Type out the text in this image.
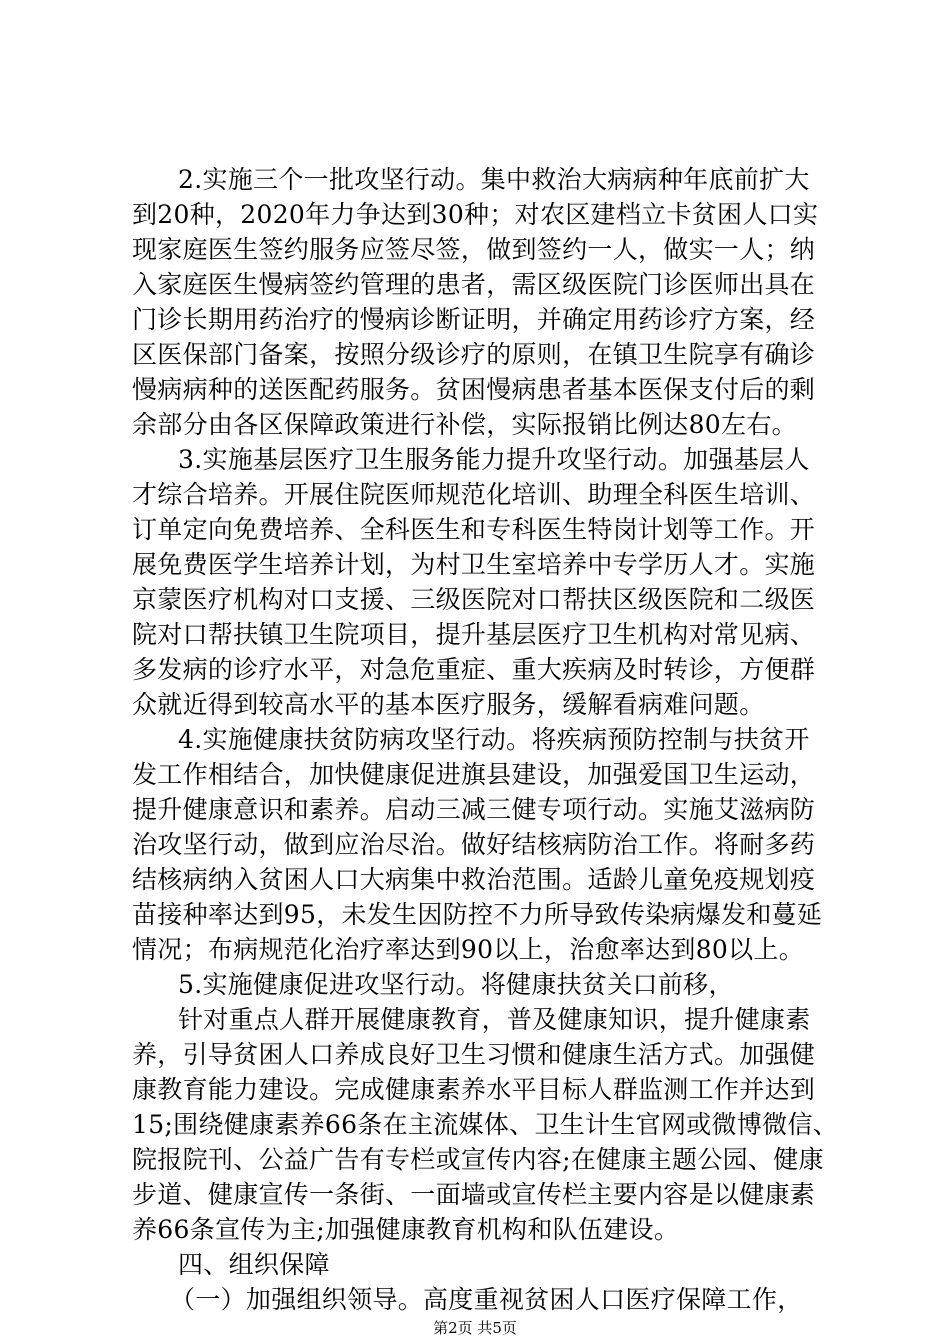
2.实施三个一批攻坚行动。集中救治大病病种年底前扩大
到20种，2020年力争达到30种；对农区建档立卡贫困人口实
现家庭医生签约服务应签尽签，做到签约一人，做实一人；纳
入家庭医生慢病签约管理的患者，需区级医院门诊医师出具在
门诊长期用药治疗的慢病诊断证明，并确定用药诊疗方案，经
区医保部门备案，按照分级诊疗的原则，在镇卫生院享有确诊
慢病病种的送医配药服务。贫困慢病患者基本医保支付后的剩
余部分由各区保障政策进行补偿，实际报销比例达80左右。
3.实施基层医疗卫生服务能力提升攻坚行动。加强基层人
才综合培养。开展住院医师规范化培训、助理全科医生培训、
订单定向免费培养、全科医生和专科医生特岗计划等工作。开
展免费医学生培养计划，为村卫生室培养中专学历人才。实施
京蒙医疗机构对口支援、三级医院对口帮扶区级医院和二级医
院对口帮扶镇卫生院项目，提升基层医疗卫生机构对常见病、
多发病的诊疗水平，对急危重症、重大疾病及时转诊，方便群
众就近得到较高水平的基本医疗服务，缓解看病难问题。
4.实施健康扶贫防病攻坚行动。将疾病预防控制与扶贫开
发工作相结合，加快健康促进旗县建设，加强爱国卫生运动，
提升健康意识和素养。启动三减三健专项行动。实施艾滋病防
治攻坚行动，做到应治尽治。做好结核病防治工作。将耐多药
结核病纳入贫困人口大病集中救治范围。适龄儿童免疫规划疫
苗接种率达到95，未发生因防控不力所导致传染病爆发和蔓延
情况；布病规范化治疗率达到90以上，治愈率达到80以上。
5.实施健康促进攻坚行动。将健康扶贫关口前移，
针对重点人群开展健康教育，普及健康知识，提升健康素
养，引导贫困人口养成良好卫生习惯和健康生活方式。加强健
康教育能力建设。完成健康素养水平目标人群监测工作并达到
15;围绕健康素养66条在主流媒体、卫生计生官网或微博微信、
院报院刊、公益广告有专栏或宣传内容;在健康主题公园、健康
步道、健康宣传一条街、一面墙或宣传栏主要内容是以健康素
养66条宣传为主;加强健康教育机构和队伍建设。
四、组织保障
（一）加强组织领导。高度重视贫困人口医疗保障工作，
第2页 共5页
